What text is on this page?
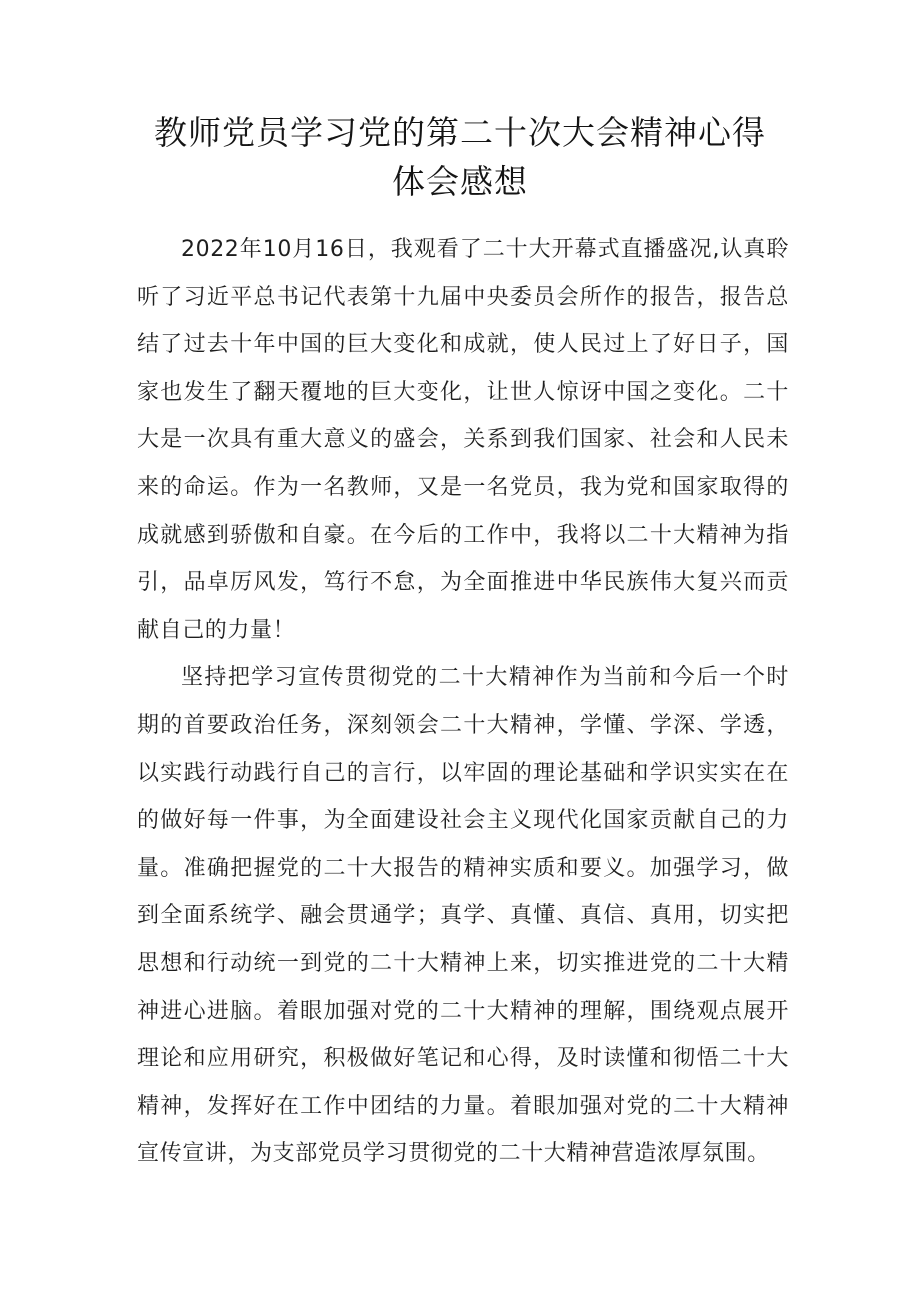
教师党员学习党的第二十次大会精神心得
体会感想

2022年10月16日，我观看了二十大开幕式直播盛况,认真聆听了习近平总书记代表第十九届中央委员会所作的报告，报告总结了过去十年中国的巨大变化和成就，使人民过上了好日子，国家也发生了翻天覆地的巨大变化，让世人惊讶中国之变化。二十大是一次具有重大意义的盛会，关系到我们国家、社会和人民未来的命运。作为一名教师，又是一名党员，我为党和国家取得的成就感到骄傲和自豪。在今后的工作中，我将以二十大精神为指引，品卓厉风发，笃行不怠，为全面推进中华民族伟大复兴而贡献自己的力量！

坚持把学习宣传贯彻党的二十大精神作为当前和今后一个时期的首要政治任务，深刻领会二十大精神，学懂、学深、学透，以实践行动践行自己的言行，以牢固的理论基础和学识实实在在的做好每一件事，为全面建设社会主义现代化国家贡献自己的力量。准确把握党的二十大报告的精神实质和要义。加强学习，做到全面系统学、融会贯通学；真学、真懂、真信、真用，切实把思想和行动统一到党的二十大精神上来，切实推进党的二十大精神进心进脑。着眼加强对党的二十大精神的理解，围绕观点展开理论和应用研究，积极做好笔记和心得，及时读懂和彻悟二十大精神，发挥好在工作中团结的力量。着眼加强对党的二十大精神宣传宣讲，为支部党员学习贯彻党的二十大精神营造浓厚氛围。
